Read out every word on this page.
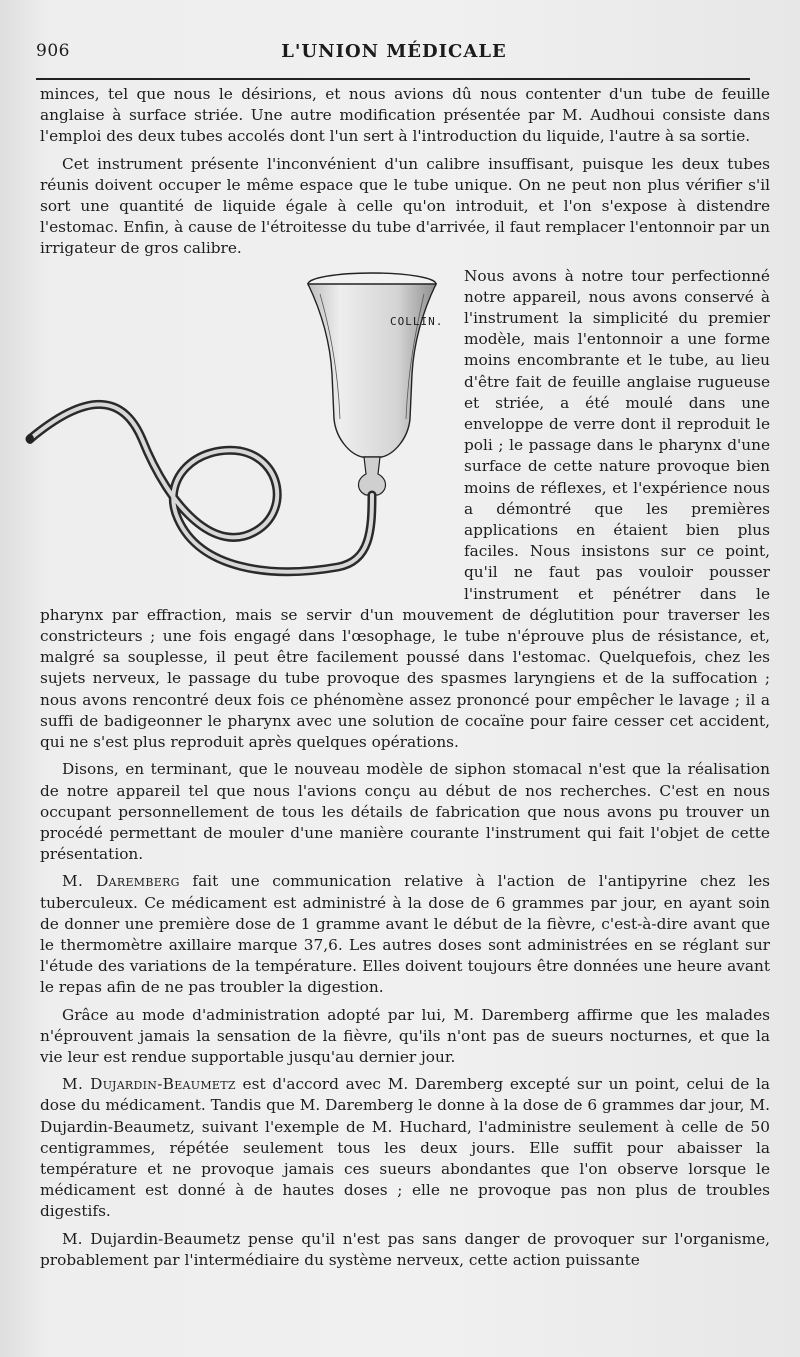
906	L'UNION MÉDICALE

minces, tel que nous le désirions, et nous avions dû nous contenter d'un tube de feuille anglaise à surface striée. Une autre modification présentée par M. Audhoui consiste dans l'emploi des deux tubes accolés dont l'un sert à l'introduction du liquide, l'autre à sa sortie.

Cet instrument présente l'inconvénient d'un calibre insuffisant, puisque les deux tubes réunis doivent occuper le même espace que le tube unique. On ne peut non plus vérifier s'il sort une quantité de liquide égale à celle qu'on introduit, et l'on s'expose à distendre l'estomac. Enfin, à cause de l'étroitesse du tube d'arrivée, il faut remplacer l'entonnoir par un irrigateur de gros calibre.

COLLIN.

Nous avons à notre tour perfectionné notre appareil, nous avons conservé à l'instrument la simplicité du premier modèle, mais l'entonnoir a une forme moins encombrante et le tube, au lieu d'être fait de feuille anglaise rugueuse et striée, a été moulé dans une enveloppe de verre dont il reproduit le poli ; le passage dans le pharynx d'une surface de cette nature provoque bien moins de réflexes, et l'expérience nous a démontré que les premières applications en étaient bien plus faciles. Nous insistons sur ce point, qu'il ne faut pas vouloir pousser l'instrument et pénétrer dans le pharynx par effraction, mais se servir d'un mouvement de déglutition pour traverser les constricteurs ; une fois engagé dans l'œsophage, le tube n'éprouve plus de résistance, et, malgré sa souplesse, il peut être facilement poussé dans l'estomac. Quelquefois, chez les sujets nerveux, le passage du tube provoque des spasmes laryngiens et de la suffocation ; nous avons rencontré deux fois ce phénomène assez prononcé pour empêcher le lavage ; il a suffi de badigeonner le pharynx avec une solution de cocaïne pour faire cesser cet accident, qui ne s'est plus reproduit après quelques opérations.

Disons, en terminant, que le nouveau modèle de siphon stomacal n'est que la réalisation de notre appareil tel que nous l'avions conçu au début de nos recherches. C'est en nous occupant personnellement de tous les détails de fabrication que nous avons pu trouver un procédé permettant de mouler d'une manière courante l'instrument qui fait l'objet de cette présentation.

M. Daremberg fait une communication relative à l'action de l'antipyrine chez les tuberculeux. Ce médicament est administré à la dose de 6 grammes par jour, en ayant soin de donner une première dose de 1 gramme avant le début de la fièvre, c'est-à-dire avant que le thermomètre axillaire marque 37,6. Les autres doses sont administrées en se réglant sur l'étude des variations de la température. Elles doivent toujours être données une heure avant le repas afin de ne pas troubler la digestion.

Grâce au mode d'administration adopté par lui, M. Daremberg affirme que les malades n'éprouvent jamais la sensation de la fièvre, qu'ils n'ont pas de sueurs nocturnes, et que la vie leur est rendue supportable jusqu'au dernier jour.

M. Dujardin-Beaumetz est d'accord avec M. Daremberg excepté sur un point, celui de la dose du médicament. Tandis que M. Daremberg le donne à la dose de 6 grammes dar jour, M. Dujardin-Beaumetz, suivant l'exemple de M. Huchard, l'administre seulement à celle de 50 centigrammes, répétée seulement tous les deux jours. Elle suffit pour abaisser la température et ne provoque jamais ces sueurs abondantes que l'on observe lorsque le médicament est donné à de hautes doses ; elle ne provoque pas non plus de troubles digestifs.

M. Dujardin-Beaumetz pense qu'il n'est pas sans danger de provoquer sur l'organisme, probablement par l'intermédiaire du système nerveux, cette action puissante
